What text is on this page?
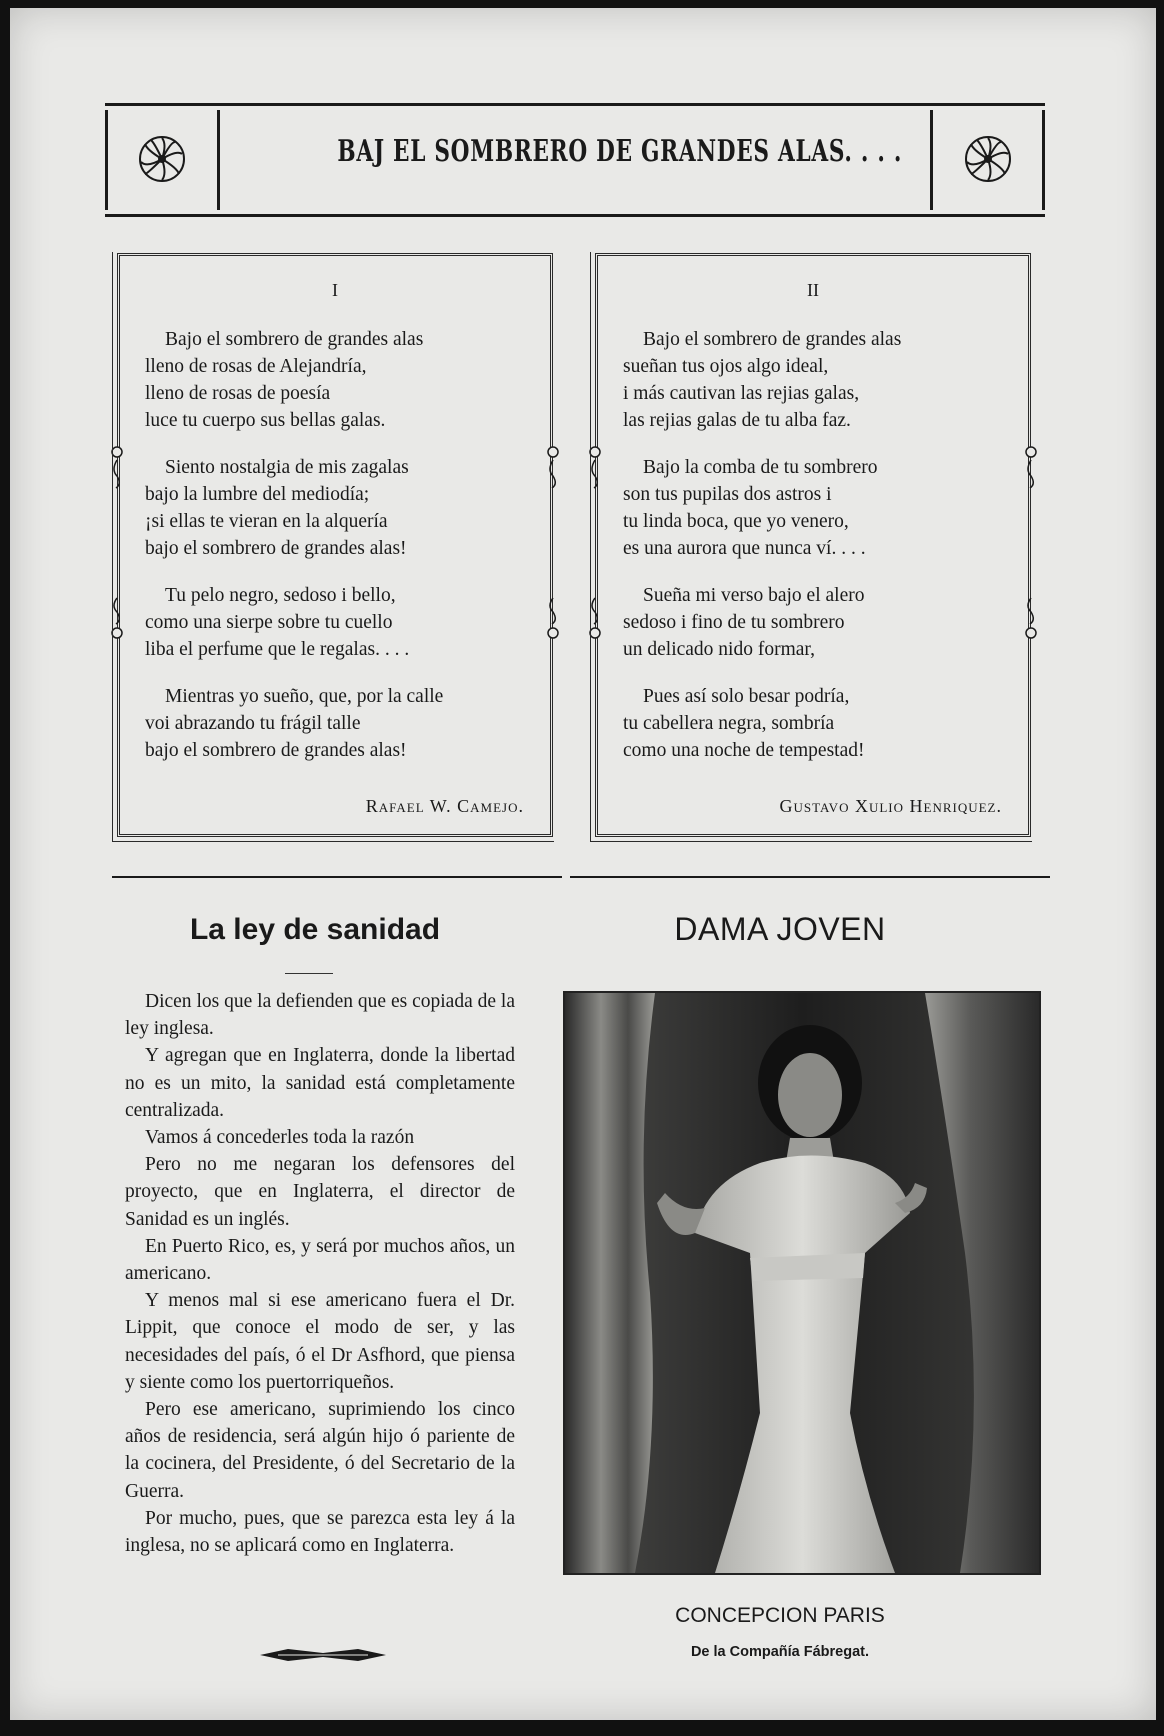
BAJ EL SOMBRERO DE GRANDES ALAS. . . .
I
Bajo el sombrero de grandes alas
lleno de rosas de Alejandría,
lleno de rosas de poesía
luce tu cuerpo sus bellas galas.
Siento nostalgia de mis zagalas
bajo la lumbre del mediodía;
¡si ellas te vieran en la alquería
bajo el sombrero de grandes alas!
Tu pelo negro, sedoso i bello,
como una sierpe sobre tu cuello
liba el perfume que le regalas. . . .
Mientras yo sueño, que, por la calle
voi abrazando tu frágil talle
bajo el sombrero de grandes alas!
Rafael W. Camejo.
II
Bajo el sombrero de grandes alas
sueñan tus ojos algo ideal,
i más cautivan las rejias galas,
las rejias galas de tu alba faz.
Bajo la comba de tu sombrero
son tus pupilas dos astros i
tu linda boca, que yo venero,
es una aurora que nunca ví. . . .
Sueña mi verso bajo el alero
sedoso i fino de tu sombrero
un delicado nido formar,
Pues así solo besar podría,
tu cabellera negra, sombría
como una noche de tempestad!
Gustavo Xulio Henriquez.
La ley de sanidad

Dicen los que la defienden que es copiada de la ley inglesa.

Y agregan que en Inglaterra, donde la libertad no es un mito, la sanidad está completamente centralizada.

Vamos á concederles toda la razón

Pero no me negaran los defensores del proyecto, que en Inglaterra, el director de Sanidad es un inglés.

En Puerto Rico, es, y será por muchos años, un americano.

Y menos mal si ese americano fuera el Dr. Lippit, que conoce el modo de ser, y las necesidades del país, ó el Dr Asfhord, que piensa y siente como los puertorriqueños.

Pero ese americano, suprimiendo los cinco años de residencia, será algún hijo ó pariente de la cocinera, del Presidente, ó del Secretario de la Guerra.

Por mucho, pues, que se parezca esta ley á la inglesa, no se aplicará como en Inglaterra.

DAMA JOVEN
CONCEPCION PARIS
De la Compañía Fábregat.
